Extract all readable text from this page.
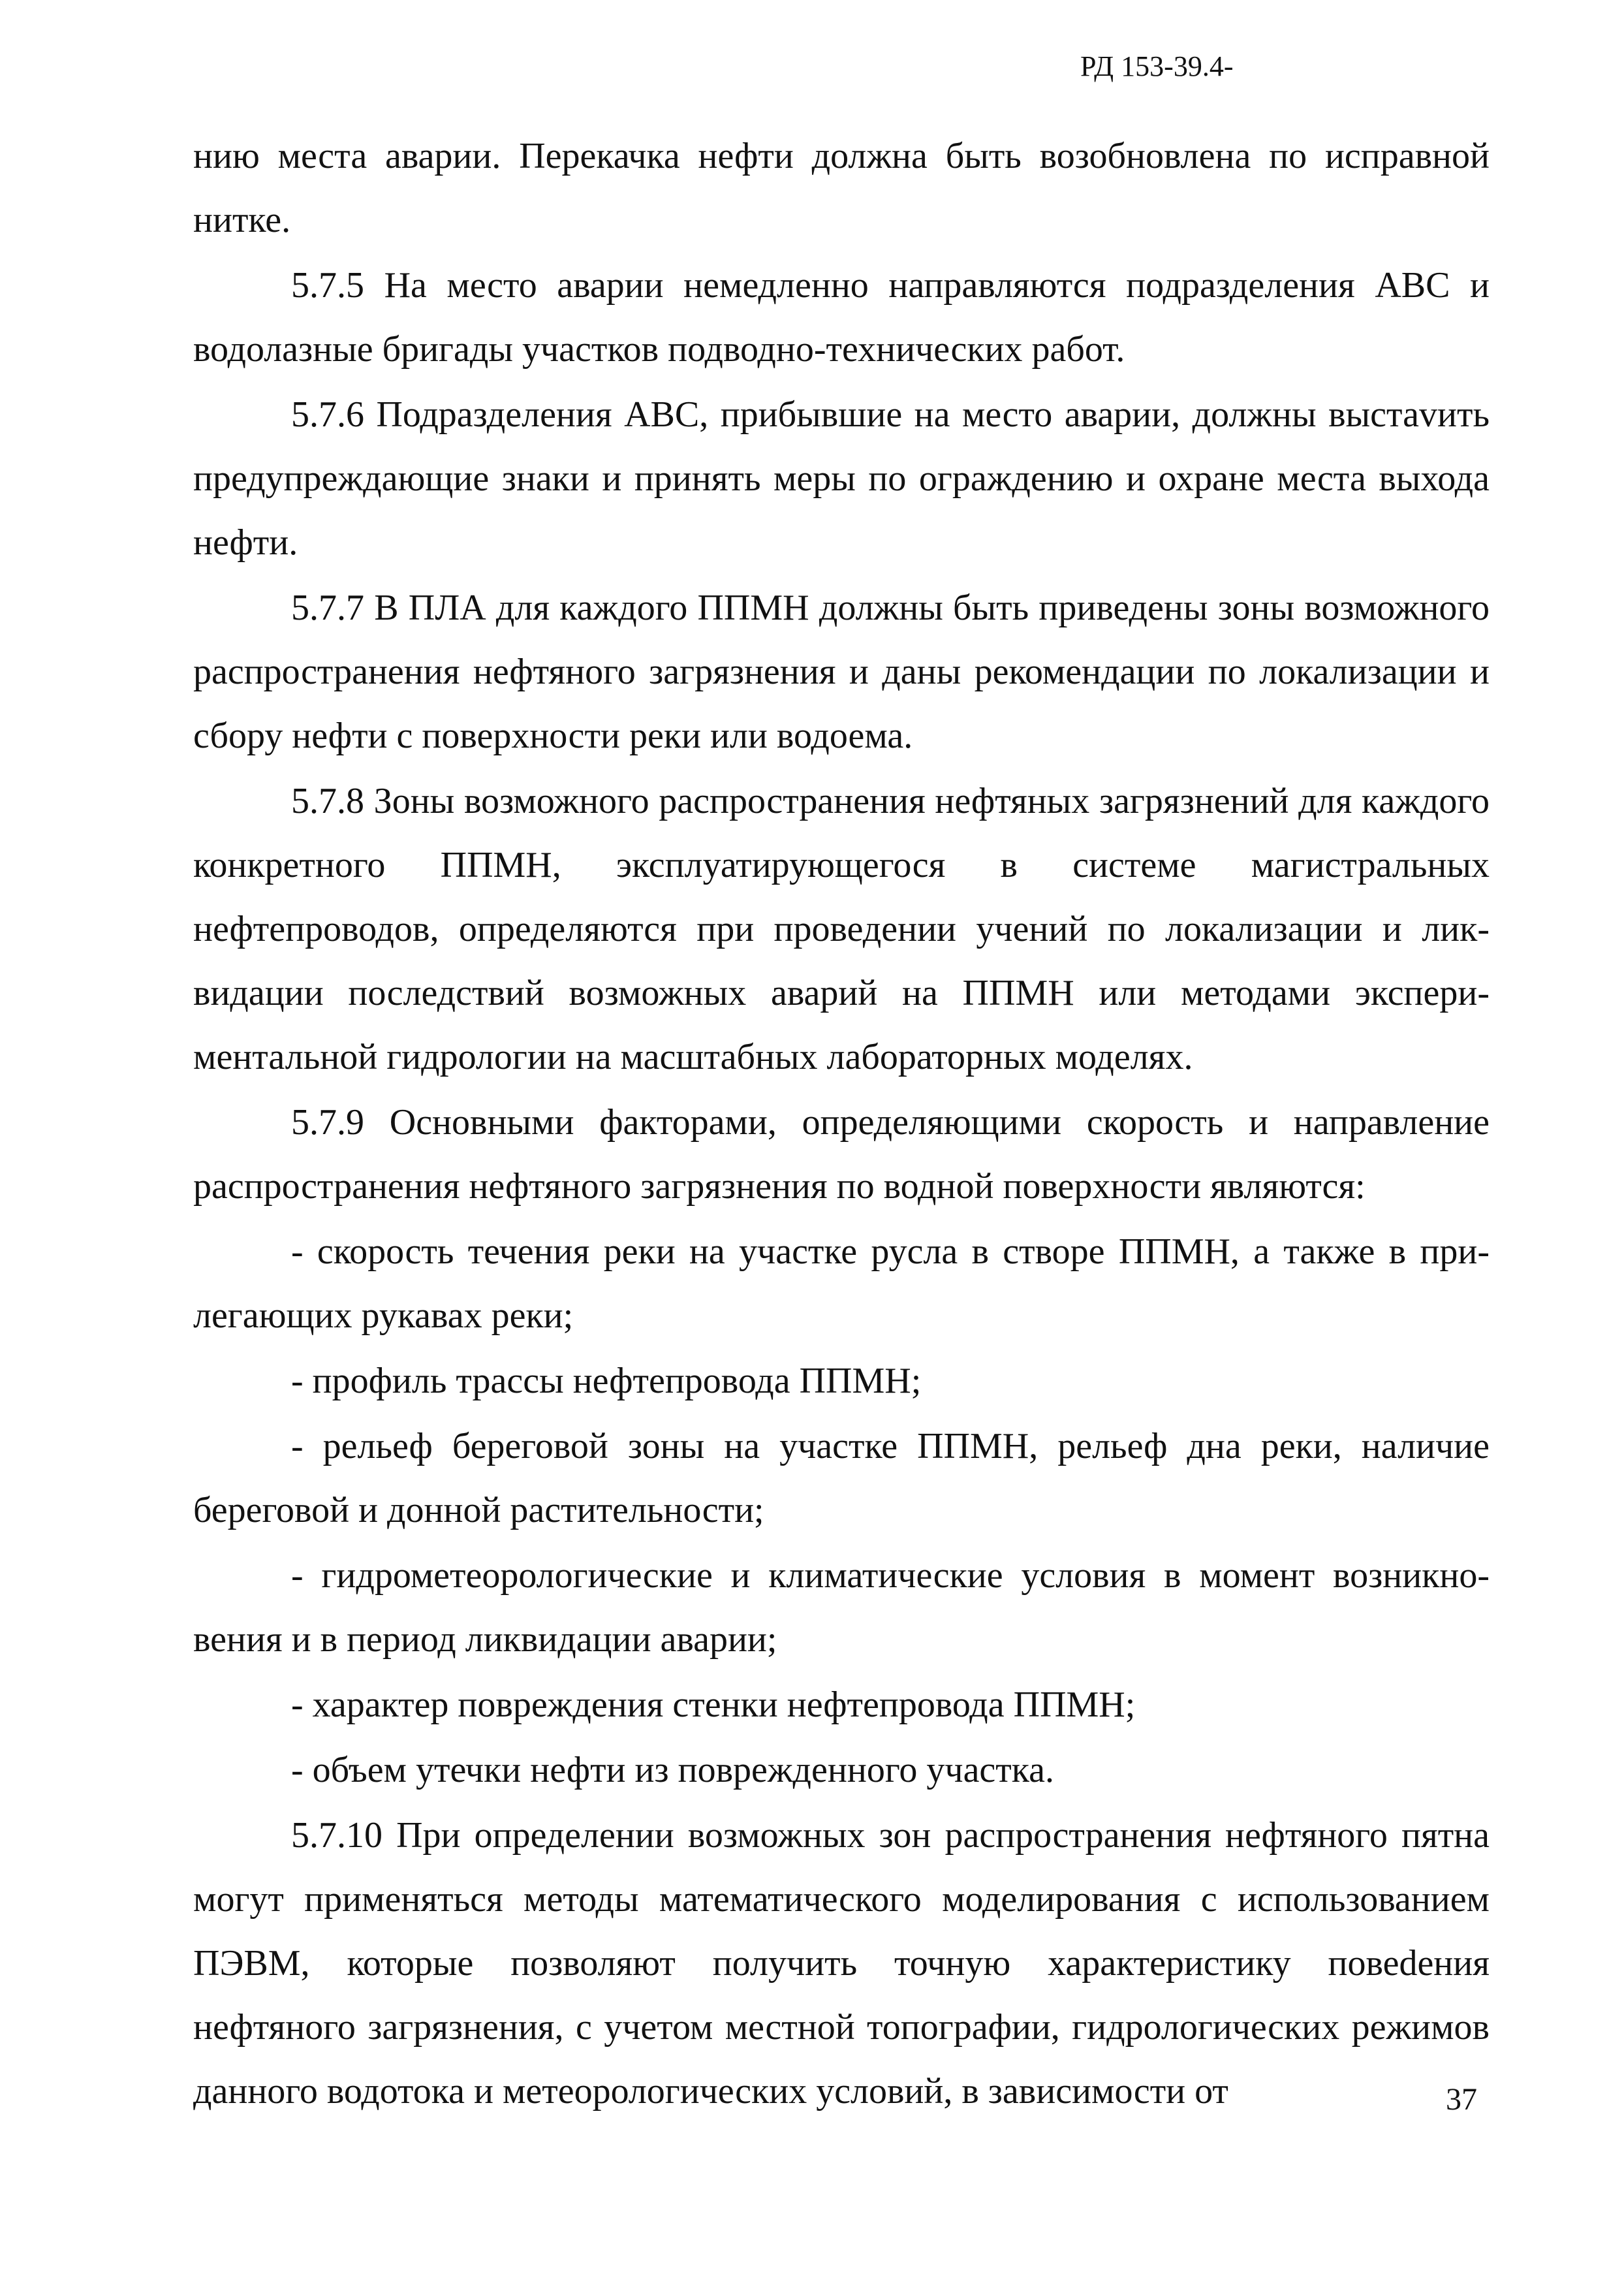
РД 153-39.4-

нию места аварии. Перекачка нефти должна быть возобновлена по исправной нитке.

5.7.5 На место аварии немедленно направляются подразделения АВС и водолазные бригады участков подводно-технических работ.

5.7.6 Подразделения АВС, прибывшие на место аварии, должны выстаvить предупреждающие знаки и принять меры по ограждению и охране места выхода нефти.

5.7.7 В ПЛА для каждого ППМН должны быть приведены зоны возможного распространения нефтяного загрязнения и даны рекомендации по локализации и сбору нефти с поверхности реки или водоема.

5.7.8 Зоны возможного распространения нефтяных загрязнений для каждого конкретного ППМН, эксплуатирующегося в системе магистральных нефтепроводов, определяются при проведении учений по локализации и ликвидации последствий возможных аварий на ППМН или методами экспериментальной гидрологии на масштабных лабораторных моделях.

5.7.9 Основными факторами, определяющими скорость и направление распространения нефтяного загрязнения по водной поверхности являются:

- скорость течения реки на участке русла в створе ППМН, а также в прилегающих рукавах реки;

- профиль трассы нефтепровода ППМН;

- рельеф береговой зоны на участке ППМН, рельеф дна реки, наличие береговой и донной растительности;

- гидрометеорологические и климатические условия в момент возникновения и в период ликвидации аварии;

- характер повреждения стенки нефтепровода ППМН;

- объем утечки нефти из поврежденного участка.

5.7.10 При определении возможных зон распространения нефтяного пятна могут применяться методы математического моделирования с использованием ПЭВМ, которые позволяют получить точную характеристику повеdения нефтяного загрязнения, с учетом местной топографии, гидрологических режимов данного водотока и метеорологических условий, в зависимости от	37
